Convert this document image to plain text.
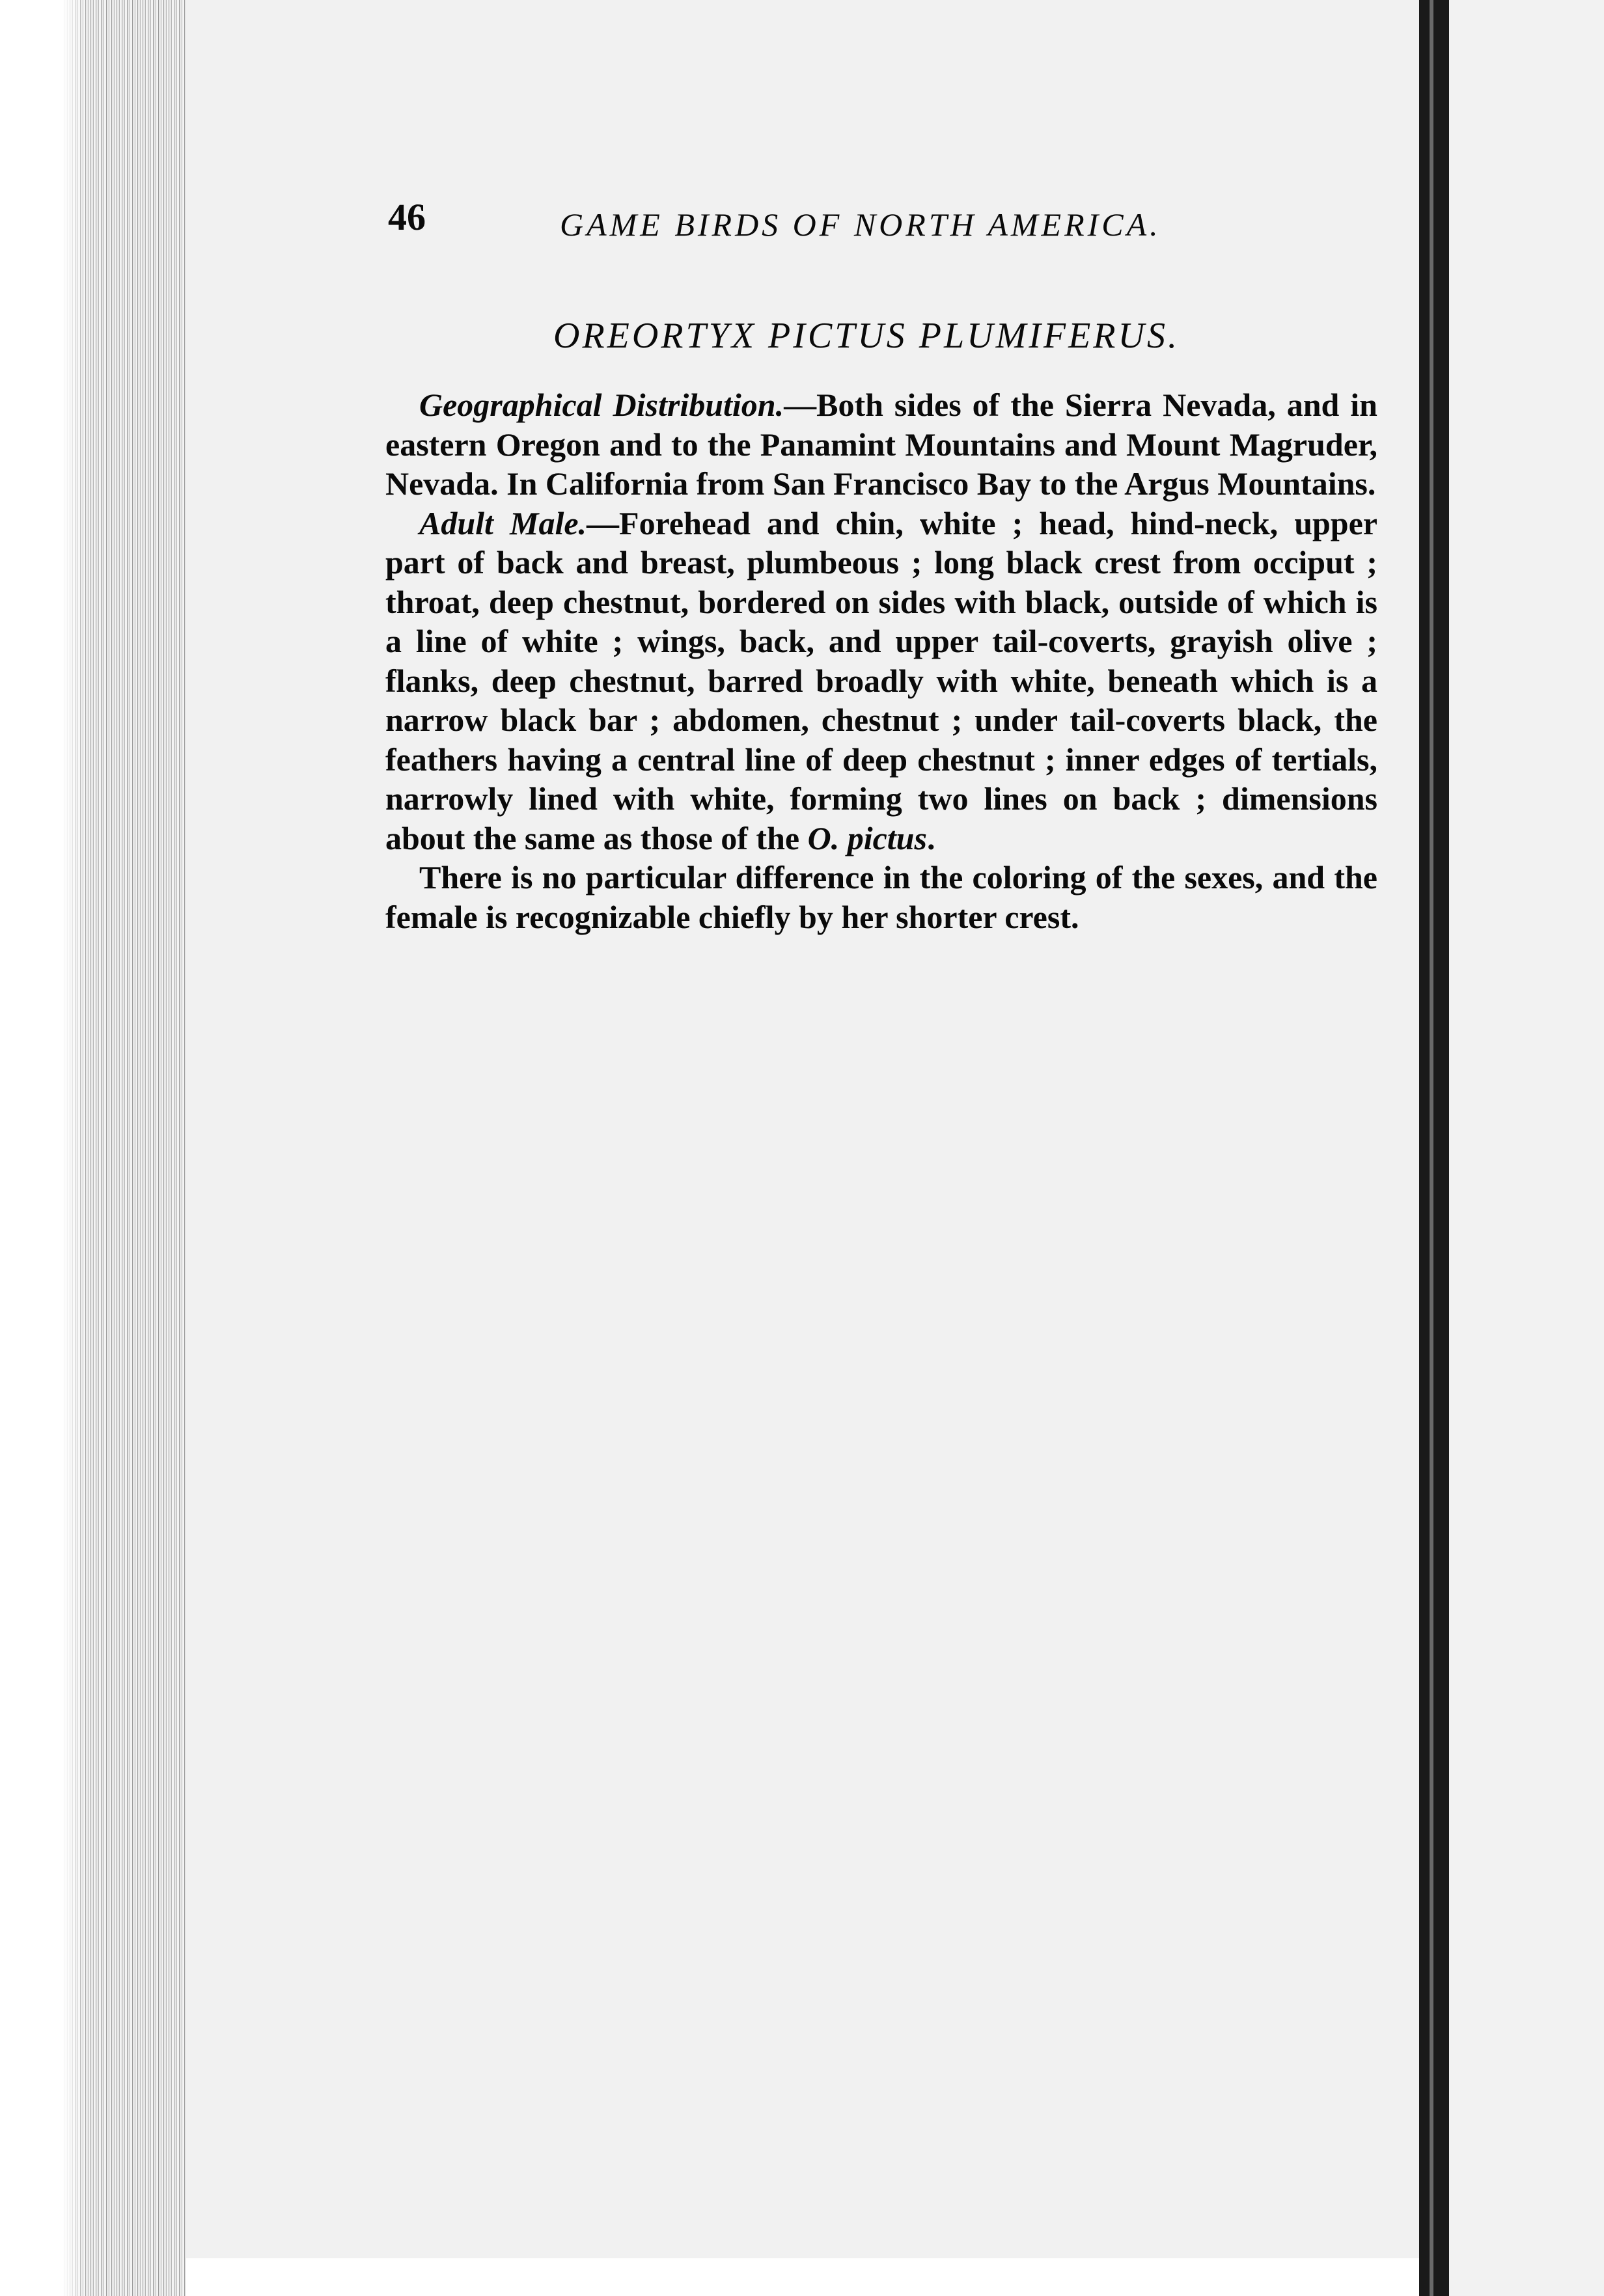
46	GAME BIRDS OF NORTH AMERICA.
OREORTYX PICTUS PLUMIFERUS.

Geographical Distribution.—Both sides of the Sierra Nevada, and in eastern Oregon and to the Panamint Mountains and Mount Magruder, Nevada. In California from San Francisco Bay to the Argus Mountains.

Adult Male.—Forehead and chin, white ; head, hind-neck, upper part of back and breast, plumbeous ; long black crest from occiput ; throat, deep chestnut, bordered on sides with black, outside of which is a line of white ; wings, back, and upper tail-coverts, grayish olive ; flanks, deep chestnut, barred broadly with white, beneath which is a narrow black bar ; abdomen, chestnut ; under tail-coverts black, the feathers having a central line of deep chestnut ; inner edges of tertials, narrowly lined with white, forming two lines on back ; dimensions about the same as those of the O. pictus.

There is no particular difference in the coloring of the sexes, and the female is recognizable chiefly by her shorter crest.
